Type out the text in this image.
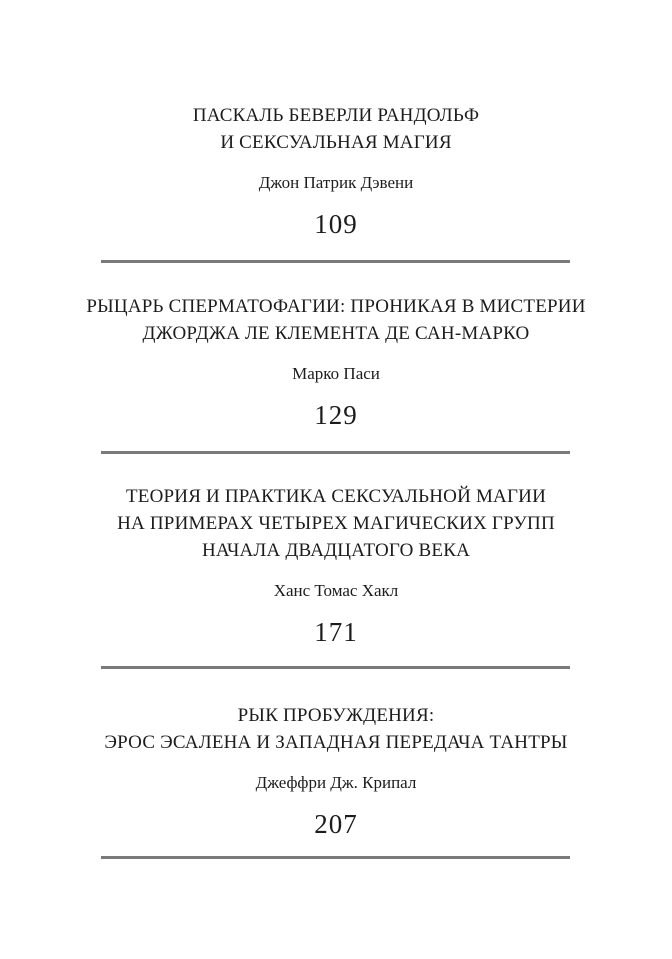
ПАСКАЛЬ БЕВЕРЛИ РАНДОЛЬФ
И СЕКСУАЛЬНАЯ МАГИЯ
Джон Патрик Дэвени
109
РЫЦАРЬ СПЕРМАТОФАГИИ: ПРОНИКАЯ В МИСТЕРИИ
ДЖОРДЖА ЛЕ КЛЕМЕНТА ДЕ САН-МАРКО
Марко Паси
129
ТЕОРИЯ И ПРАКТИКА СЕКСУАЛЬНОЙ МАГИИ
НА ПРИМЕРАХ ЧЕТЫРЕХ МАГИЧЕСКИХ ГРУПП
НАЧАЛА ДВАДЦАТОГО ВЕКА
Ханс Томас Хакл
171
РЫК ПРОБУЖДЕНИЯ:
ЭРОС ЭСАЛЕНА И ЗАПАДНАЯ ПЕРЕДАЧА ТАНТРЫ
Джеффри Дж. Крипал
207
